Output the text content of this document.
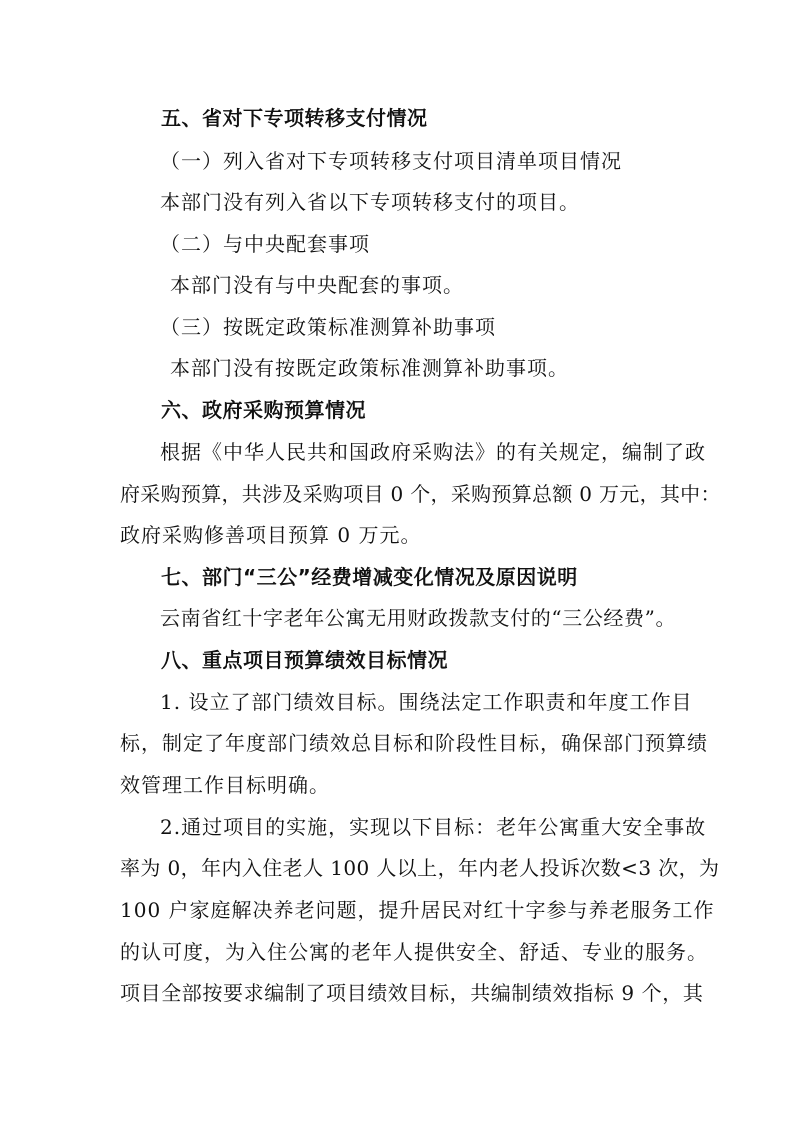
五、省对下专项转移支付情况
（一）列入省对下专项转移支付项目清单项目情况
本部门没有列入省以下专项转移支付的项目。
（二）与中央配套事项
本部门没有与中央配套的事项。
（三）按既定政策标准测算补助事项
本部门没有按既定政策标准测算补助事项。
六、政府采购预算情况
根据《中华人民共和国政府采购法》的有关规定，编制了政
府采购预算，共涉及采购项目 0 个，采购预算总额 0 万元，其中：
政府采购修善项目预算 0 万元。
七、部门“三公”经费增减变化情况及原因说明
云南省红十字老年公寓无用财政拨款支付的“三公经费”。
八、重点项目预算绩效目标情况
1. 设立了部门绩效目标。围绕法定工作职责和年度工作目
标，制定了年度部门绩效总目标和阶段性目标，确保部门预算绩
效管理工作目标明确。
2.通过项目的实施，实现以下目标：老年公寓重大安全事故
率为 0，年内入住老人 100 人以上，年内老人投诉次数<3 次，为
100 户家庭解决养老问题，提升居民对红十字参与养老服务工作
的认可度，为入住公寓的老年人提供安全、舒适、专业的服务。
项目全部按要求编制了项目绩效目标，共编制绩效指标 9 个，其
